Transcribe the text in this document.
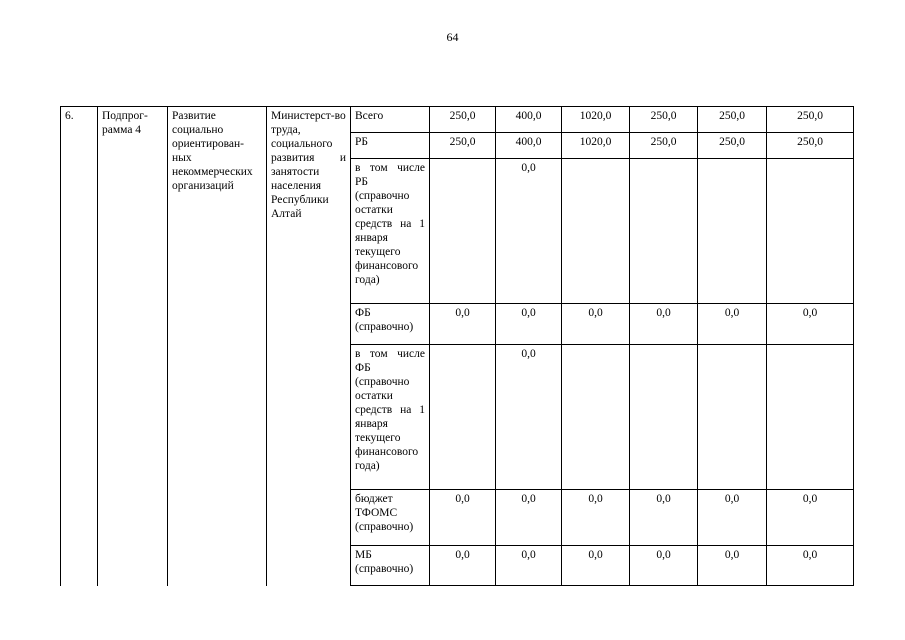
64
6.	Подпрог-рамма 4	Развитие социально ориентирован-ных некоммерческих организаций	Министерст-во труда, социального развития и занятости населения Республики Алтай	Всего	250,0	400,0	1020,0	250,0	250,0	250,0
				РБ	250,0	400,0	1020,0	250,0	250,0	250,0
				в том числе РБ (справочно остатки средств на 1 января текущего финансового года)		0,0				
				ФБ (справочно)	0,0	0,0	0,0	0,0	0,0	0,0
				в том числе ФБ (справочно остатки средств на 1 января текущего финансового года)		0,0				
				бюджет ТФОМС (справочно)	0,0	0,0	0,0	0,0	0,0	0,0
				МБ (справочно)	0,0	0,0	0,0	0,0	0,0	0,0
